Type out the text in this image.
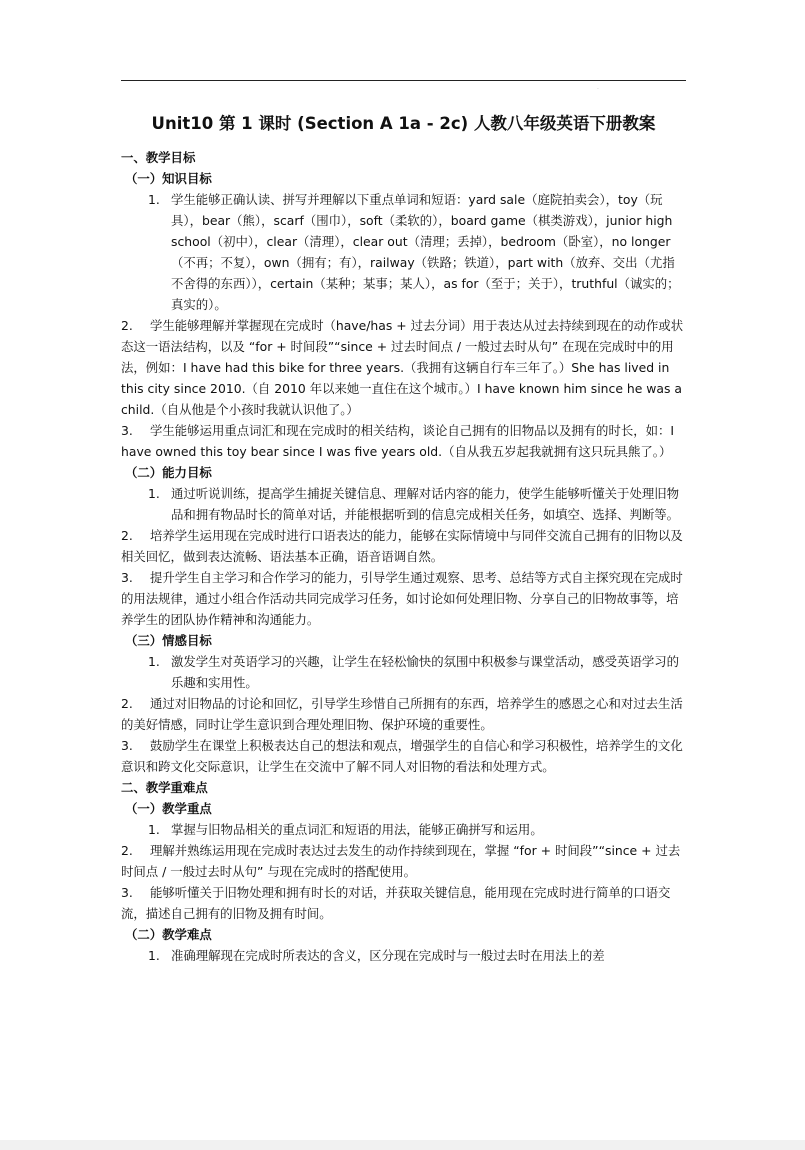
·
Unit10 第 1 课时 (Section A 1a - 2c) 人教八年级英语下册教案

一、教学目标

（一）知识目标

1. 学生能够正确认读、拼写并理解以下重点单词和短语：yard sale（庭院拍卖会），toy（玩具），bear（熊），scarf（围巾），soft（柔软的），board game（棋类游戏），junior high school（初中），clear（清理），clear out（清理；丢掉），bedroom（卧室），no longer（不再；不复），own（拥有；有），railway（铁路；铁道），part with（放弃、交出（尤指不舍得的东西）），certain（某种；某事；某人），as for（至于；关于），truthful（诚实的；真实的）。

2. 学生能够理解并掌握现在完成时（have/has + 过去分词）用于表达从过去持续到现在的动作或状态这一语法结构，以及 “for + 时间段”“since + 过去时间点 / 一般过去时从句” 在现在完成时中的用法，例如：I have had this bike for three years.（我拥有这辆自行车三年了。）She has lived in this city since 2010.（自 2010 年以来她一直住在这个城市。）I have known him since he was a child.（自从他是个小孩时我就认识他了。）

3. 学生能够运用重点词汇和现在完成时的相关结构，谈论自己拥有的旧物品以及拥有的时长，如：I have owned this toy bear since I was five years old.（自从我五岁起我就拥有这只玩具熊了。）

（二）能力目标

1. 通过听说训练，提高学生捕捉关键信息、理解对话内容的能力，使学生能够听懂关于处理旧物品和拥有物品时长的简单对话，并能根据听到的信息完成相关任务，如填空、选择、判断等。

2. 培养学生运用现在完成时进行口语表达的能力，能够在实际情境中与同伴交流自己拥有的旧物以及相关回忆，做到表达流畅、语法基本正确，语音语调自然。

3. 提升学生自主学习和合作学习的能力，引导学生通过观察、思考、总结等方式自主探究现在完成时的用法规律，通过小组合作活动共同完成学习任务，如讨论如何处理旧物、分享自己的旧物故事等，培养学生的团队协作精神和沟通能力。

（三）情感目标

1. 激发学生对英语学习的兴趣，让学生在轻松愉快的氛围中积极参与课堂活动，感受英语学习的乐趣和实用性。

2. 通过对旧物品的讨论和回忆，引导学生珍惜自己所拥有的东西，培养学生的感恩之心和对过去生活的美好情感，同时让学生意识到合理处理旧物、保护环境的重要性。

3. 鼓励学生在课堂上积极表达自己的想法和观点，增强学生的自信心和学习积极性，培养学生的文化意识和跨文化交际意识，让学生在交流中了解不同人对旧物的看法和处理方式。

二、教学重难点

（一）教学重点

1. 掌握与旧物品相关的重点词汇和短语的用法，能够正确拼写和运用。

2. 理解并熟练运用现在完成时表达过去发生的动作持续到现在，掌握 “for + 时间段”“since + 过去时间点 / 一般过去时从句” 与现在完成时的搭配使用。

3. 能够听懂关于旧物处理和拥有时长的对话，并获取关键信息，能用现在完成时进行简单的口语交流，描述自己拥有的旧物及拥有时间。

（二）教学难点

1. 准确理解现在完成时所表达的含义，区分现在完成时与一般过去时在用法上的差
